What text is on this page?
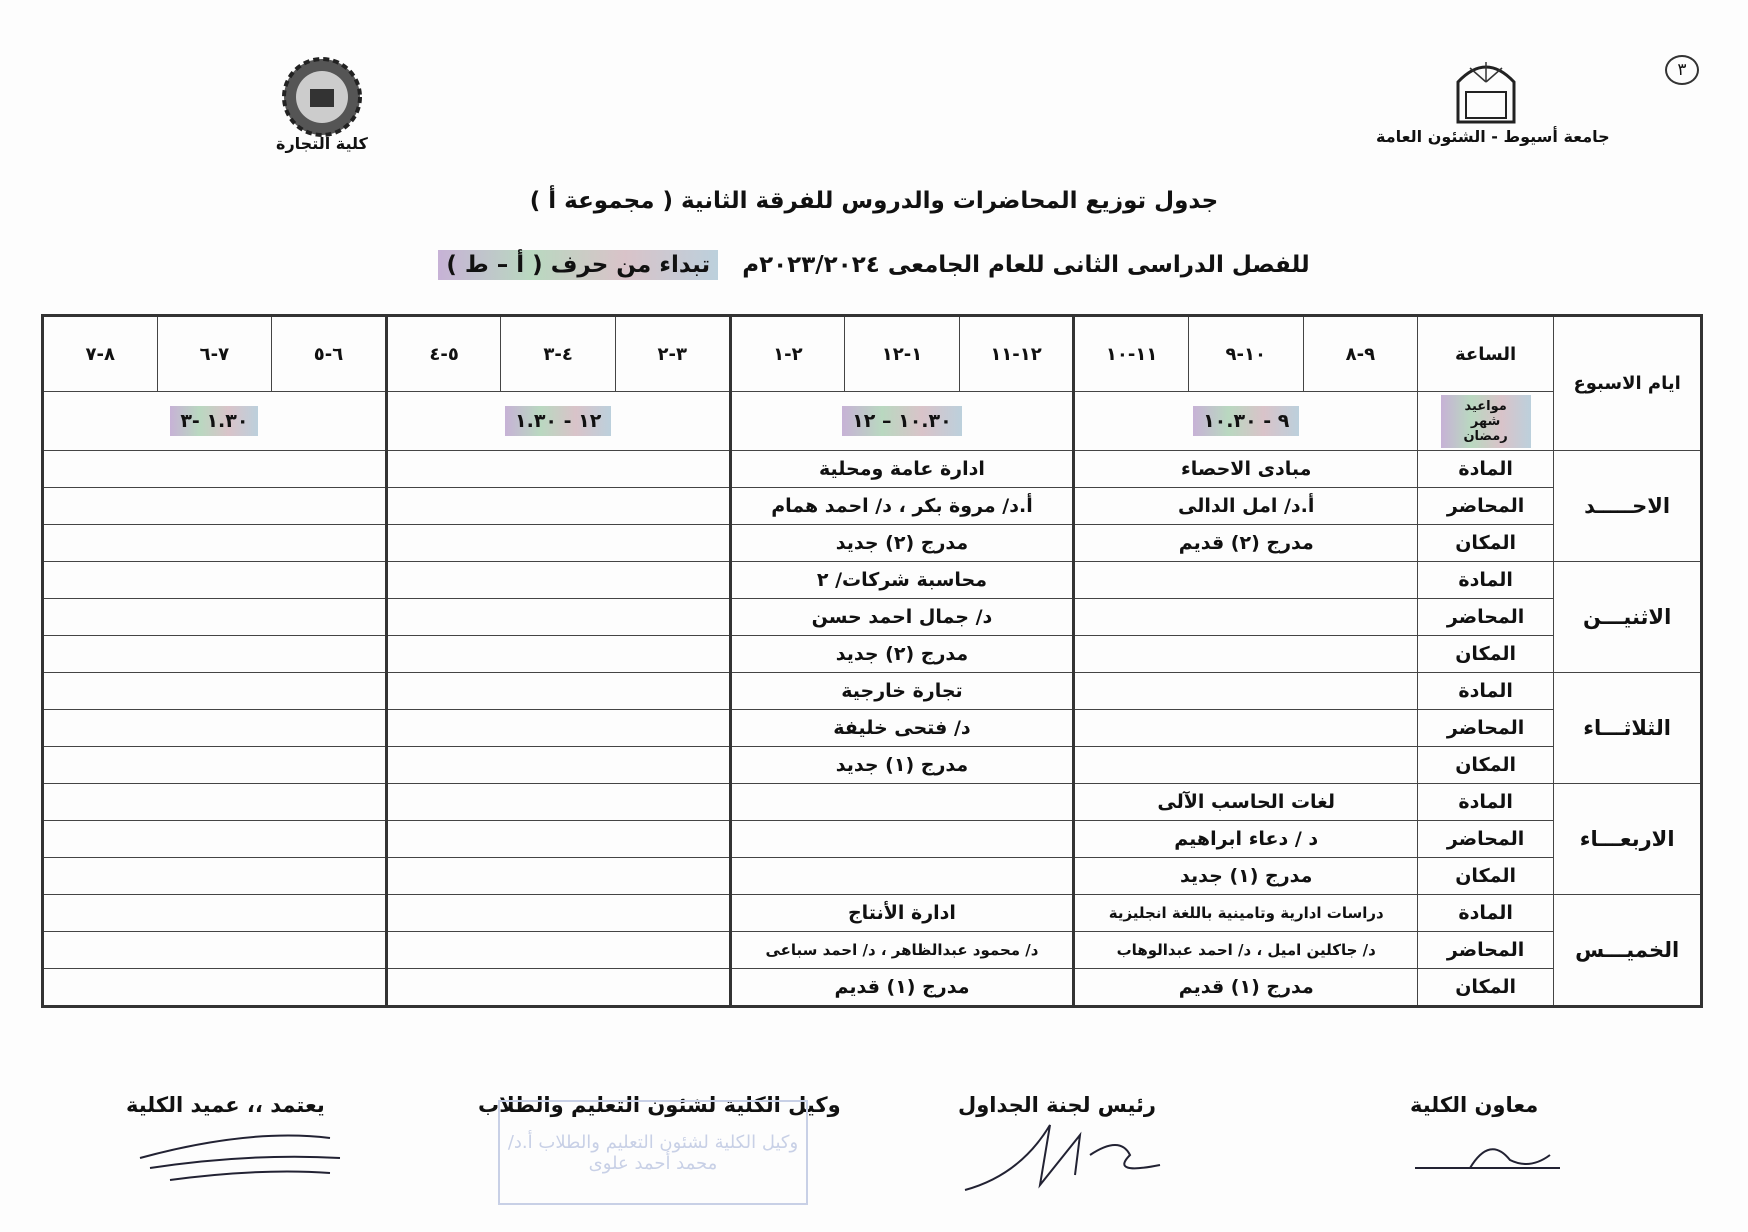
٣
كلية التجارة	جامعة أسيوط - الشئون العامة
جدول توزيع المحاضرات والدروس للفرقة الثانية ( مجموعة أ )
للفصل الدراسى الثانى للعام الجامعى ٢٠٢٣/٢٠٢٤م   تبداء من حرف ( أ – ط )
ايام الاسبوع	الساعة	٩-٨	١٠-٩	١١-١٠	١٢-١١	١-١٢	٢-١	٣-٢	٤-٣	٥-٤	٦-٥	٧-٦	٨-٧
	مواعيد شهر رمضان	٩ - ١٠.٣٠			١٠.٣٠ – ١٢			١٢ - ١.٣٠			١.٣٠ -٣		
الاحـــــد	المادة	مبادى الاحصاء			ادارة عامة ومحلية								
	المحاضر	أ.د/ امل الدالى			أ.د/ مروة بكر ، د/ احمد همام								
	المكان	مدرج (٢) قديم			مدرج (٢) جديد								
الاثنيـــن	المادة				محاسبة شركات/ ٢								
	المحاضر				د/ جمال احمد حسن								
	المكان				مدرج (٢) جديد								
الثلاثـــاء	المادة				تجارة خارجية								
	المحاضر				د/ فتحى خليفة								
	المكان				مدرج (١) جديد								
الاربعـــاء	المادة	لغات الحاسب الآلى											
	المحاضر	د / دعاء ابراهيم											
	المكان	مدرج (١) جديد											
الخميـــس	المادة	دراسات ادارية وتامينية باللغة انجليزية			ادارة الأنتاج								
	المحاضر	د/ جاكلين اميل ، د/ احمد عبدالوهاب			د/ محمود عبدالظاهر ، د/ احمد سباعى								
	المكان	مدرج (١) قديم			مدرج (١) قديم								
معاون الكلية
رئيس لجنة الجداول
وكيل الكلية لشئون التعليم والطلاب
يعتمد ،، عميد الكلية
وكيل الكلية لشئون التعليم والطلاب أ.د/ محمد أحمد علوى
